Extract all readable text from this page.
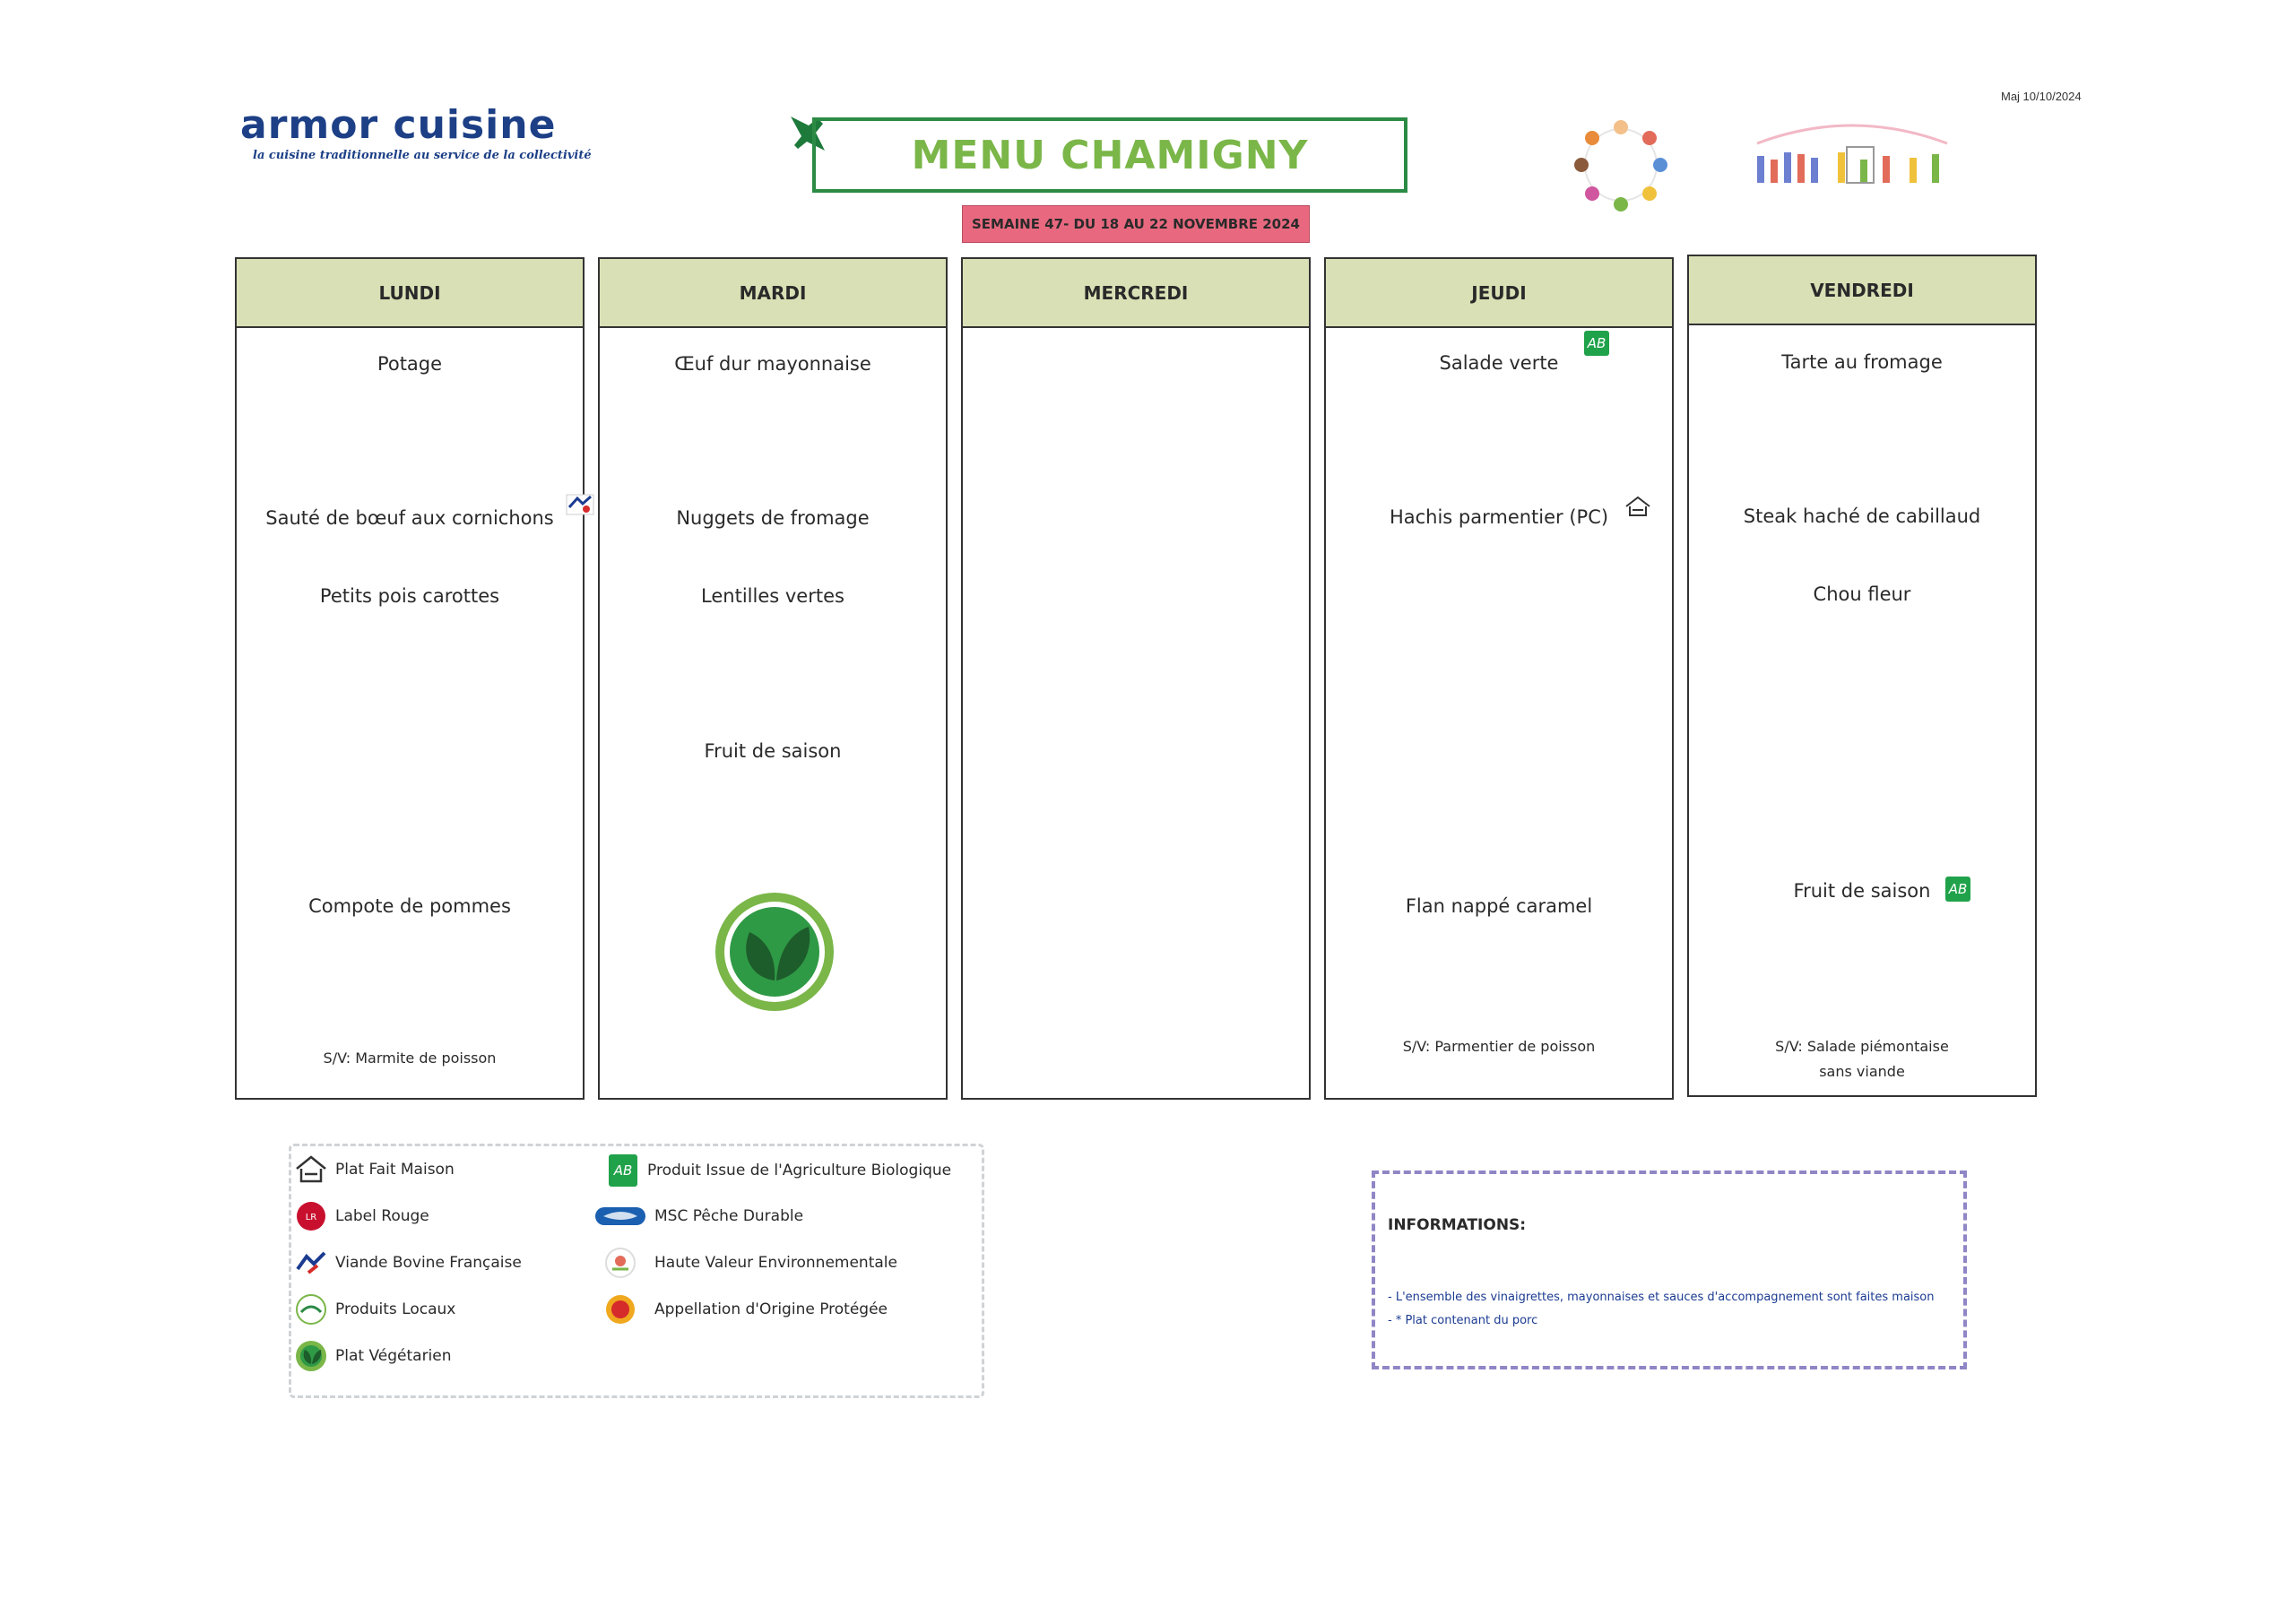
armor cuisine
la cuisine traditionnelle au service de la collectivité
Maj 10/10/2024
MENU CHAMIGNY
SEMAINE 47- DU 18 AU 22 NOVEMBRE 2024
LUNDI
Potage
Sauté de bœuf aux cornichons
Petits pois carottes
Compote de pommes
S/V: Marmite de poisson
MARDI
Œuf dur mayonnaise
Nuggets de fromage
Lentilles vertes
Fruit de saison
MERCREDI	JEUDI
Salade verte
AB
Hachis parmentier (PC)
Flan nappé caramel
S/V: Parmentier de poisson
VENDREDI
Tarte au fromage
Steak haché de cabillaud
Chou fleur
Fruit de saison	AB
S/V: Salade piémontaise
sans viande
Plat Fait Maison
LR Label Rouge
Viande Bovine Française
Produits Locaux
Plat Végétarien
AB Produit Issue de l'Agriculture Biologique
MSC Pêche Durable
Haute Valeur Environnementale
Appellation d'Origine Protégée
INFORMATIONS:
- L'ensemble des vinaigrettes, mayonnaises et sauces d'accompagnement sont faites maison
- * Plat contenant du porc
